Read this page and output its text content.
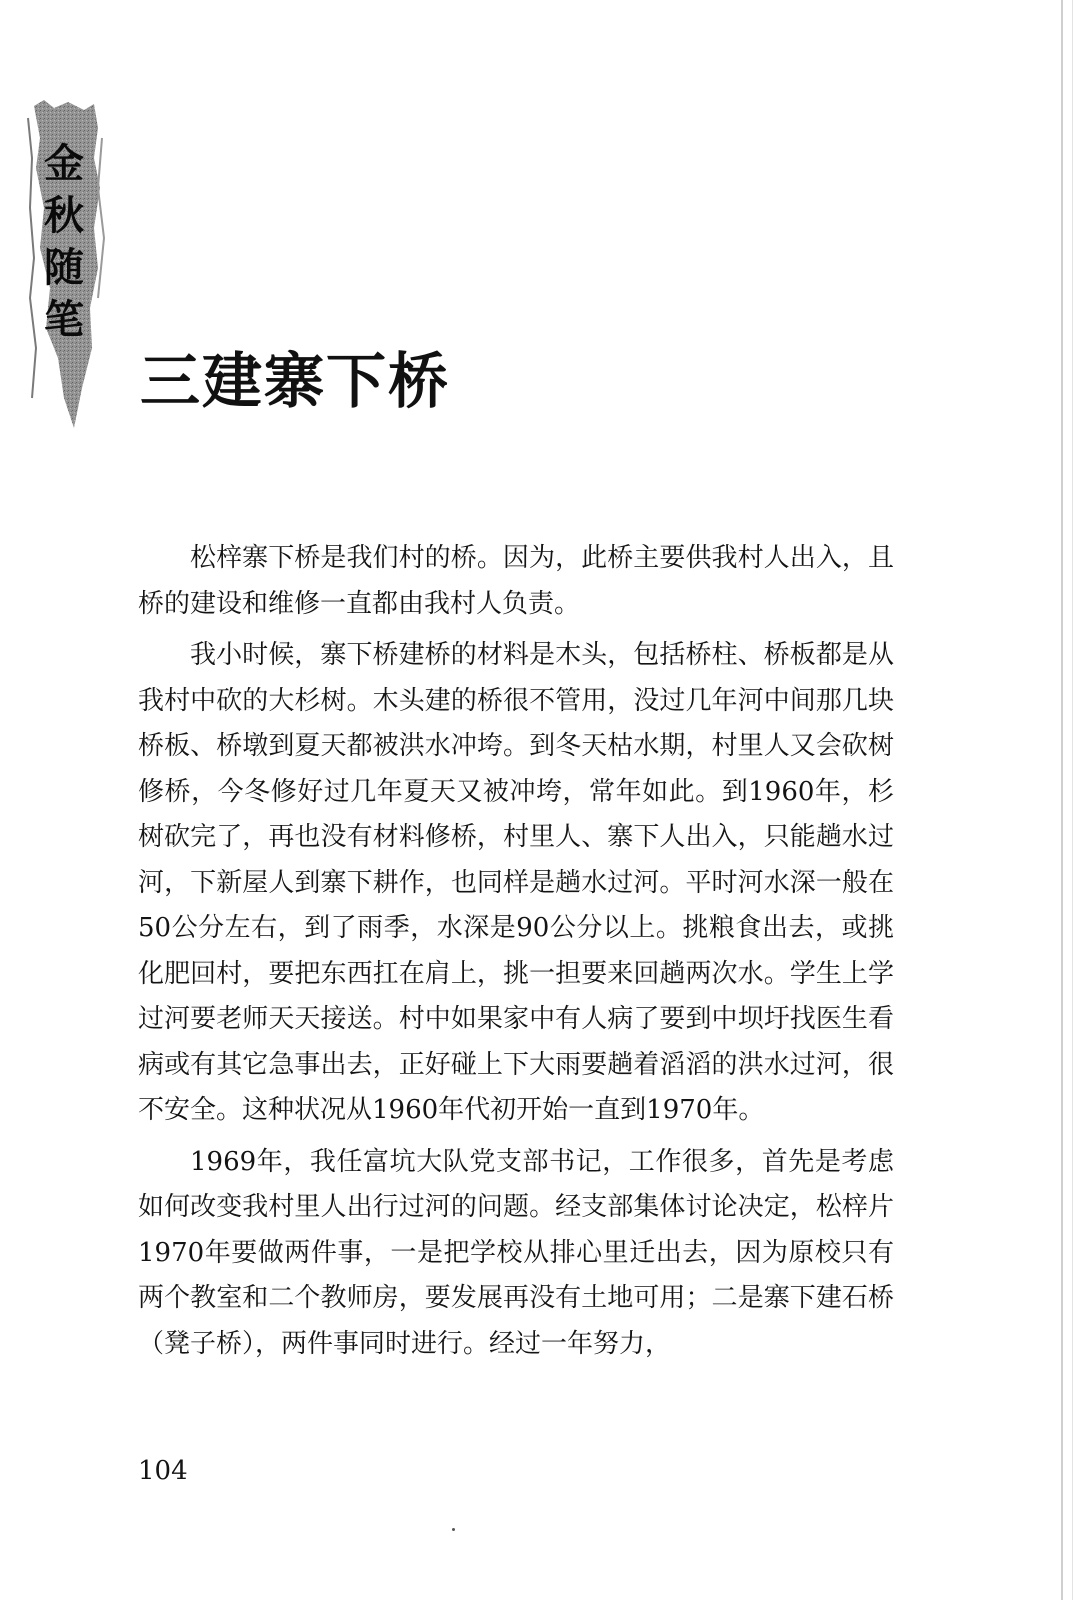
金
秋
随
笔
三建寨下桥

松梓寨下桥是我们村的桥。因为，此桥主要供我村人出入，且桥的建设和维修一直都由我村人负责。

我小时候，寨下桥建桥的材料是木头，包括桥柱、桥板都是从我村中砍的大杉树。木头建的桥很不管用，没过几年河中间那几块桥板、桥墩到夏天都被洪水冲垮。到冬天枯水期，村里人又会砍树修桥，今冬修好过几年夏天又被冲垮，常年如此。到1960年，杉树砍完了，再也没有材料修桥，村里人、寨下人出入，只能趟水过河，下新屋人到寨下耕作，也同样是趟水过河。平时河水深一般在50公分左右，到了雨季，水深是90公分以上。挑粮食出去，或挑化肥回村，要把东西扛在肩上，挑一担要来回趟两次水。学生上学过河要老师天天接送。村中如果家中有人病了要到中坝圩找医生看病或有其它急事出去，正好碰上下大雨要趟着滔滔的洪水过河，很不安全。这种状况从1960年代初开始一直到1970年。

1969年，我任富坑大队党支部书记，工作很多，首先是考虑如何改变我村里人出行过河的问题。经支部集体讨论决定，松梓片1970年要做两件事，一是把学校从排心里迁出去，因为原校只有两个教室和二个教师房，要发展再没有土地可用；二是寨下建石桥（凳子桥），两件事同时进行。经过一年努力，

104
